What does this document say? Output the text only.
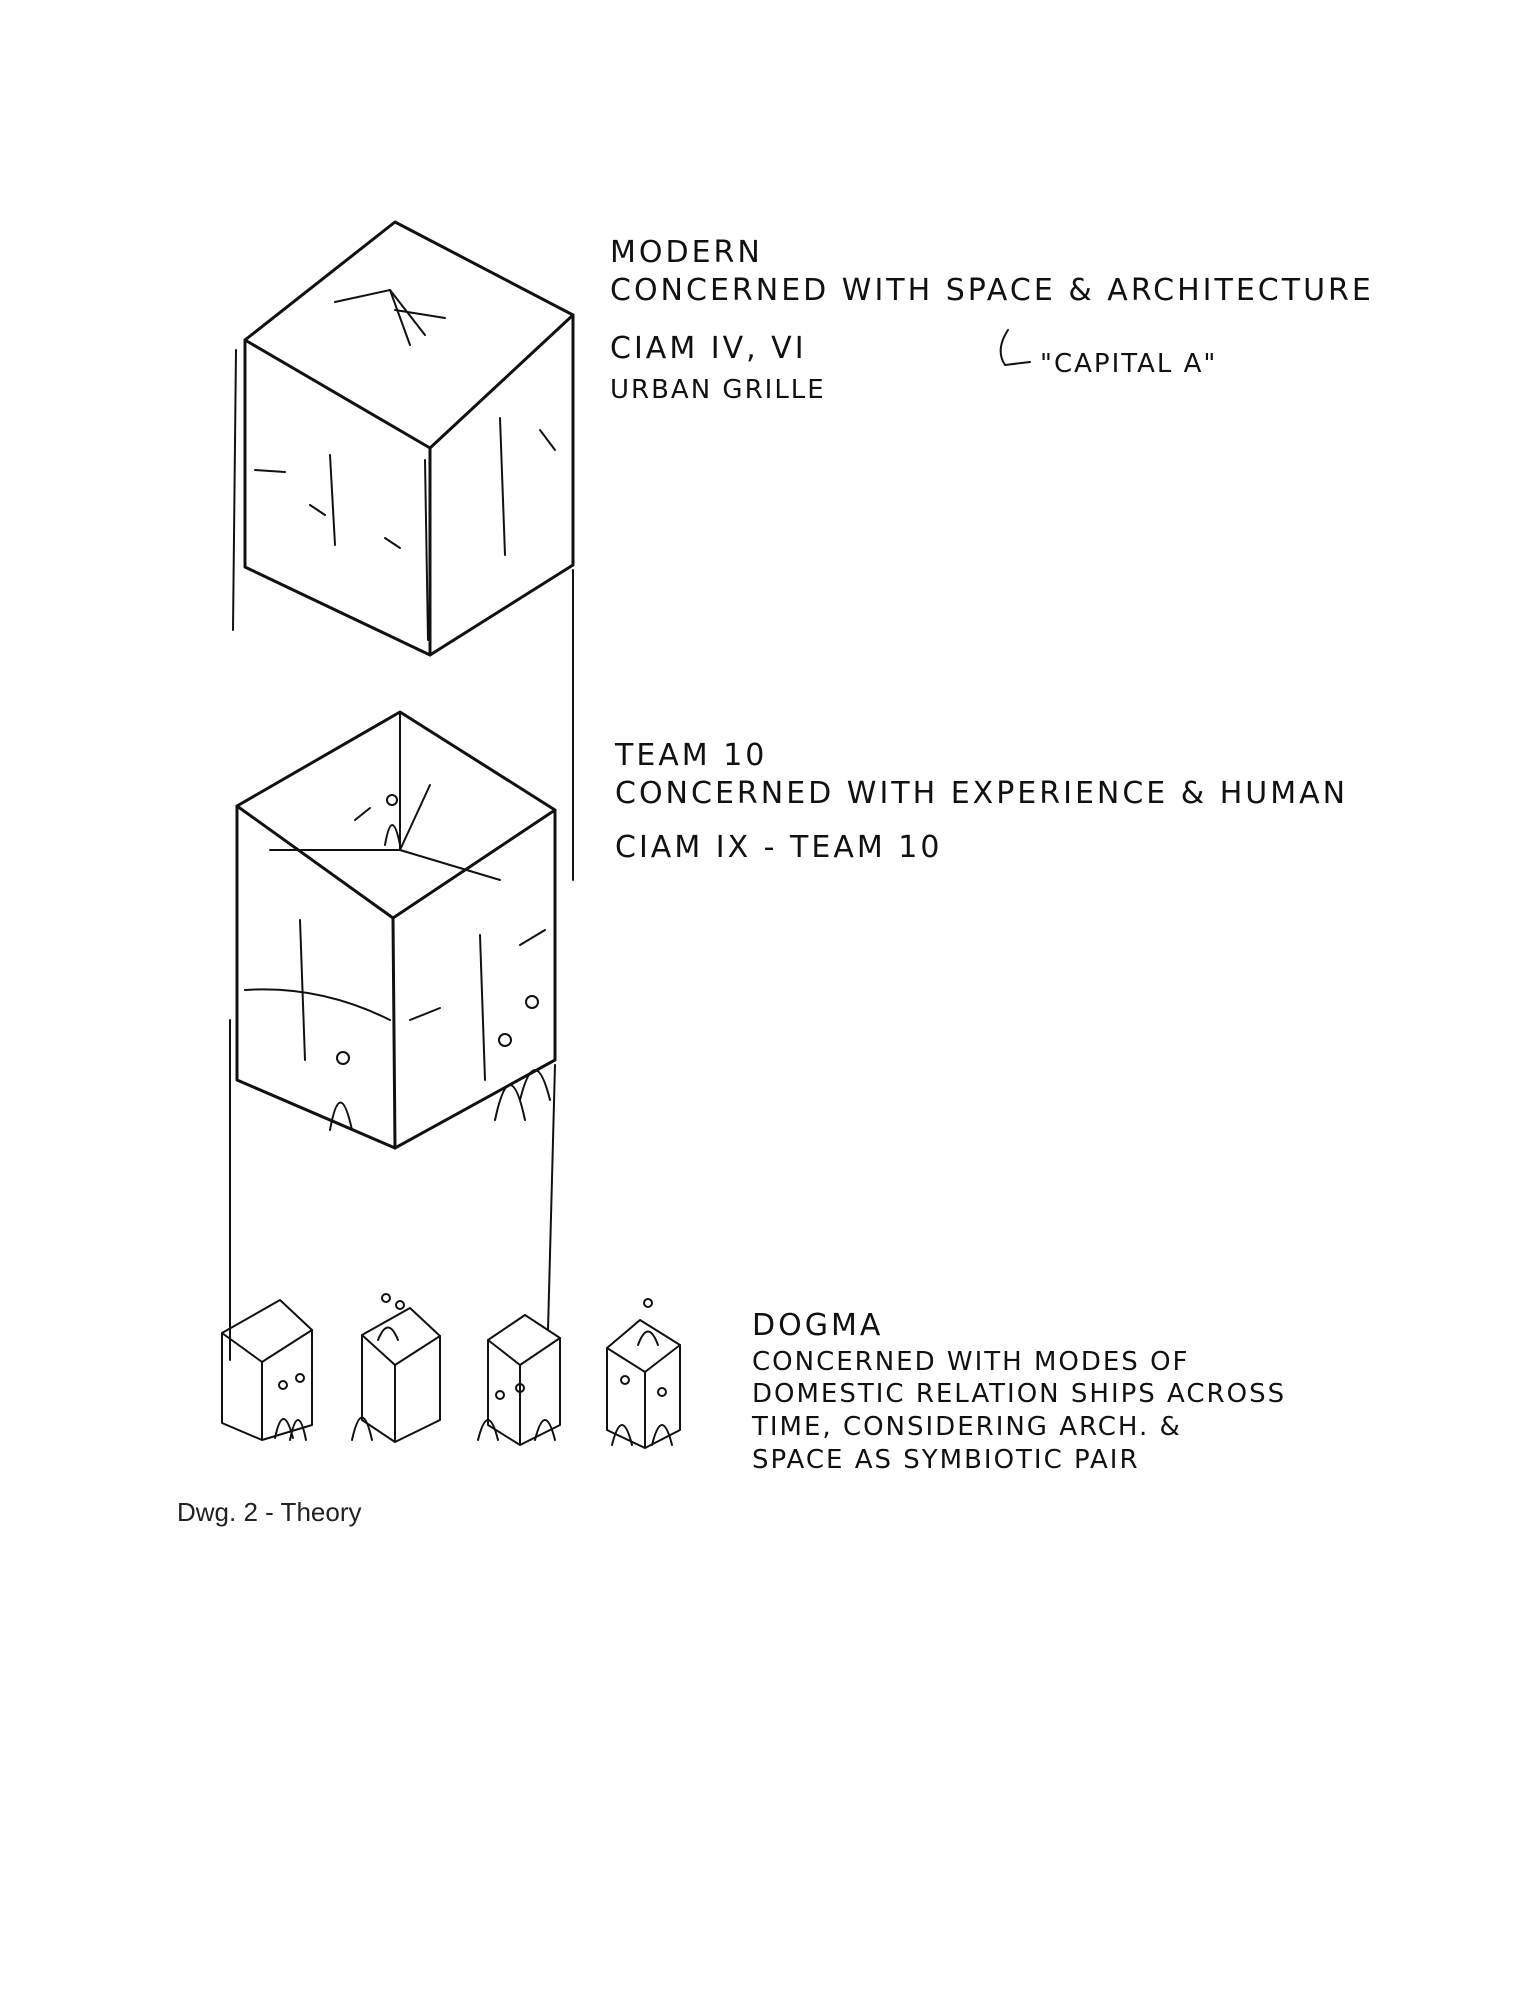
MODERN
CONCERNED WITH SPACE & ARCHITECTURE
CIAM IV, VI
URBAN GRILLE
"CAPITAL A"
TEAM 10
CONCERNED WITH EXPERIENCE & HUMAN
CIAM IX - TEAM 10
DOGMA
CONCERNED WITH MODES OF
DOMESTIC RELATION SHIPS ACROSS
TIME, CONSIDERING ARCH. &
SPACE AS SYMBIOTIC PAIR

Dwg. 2 - Theory
